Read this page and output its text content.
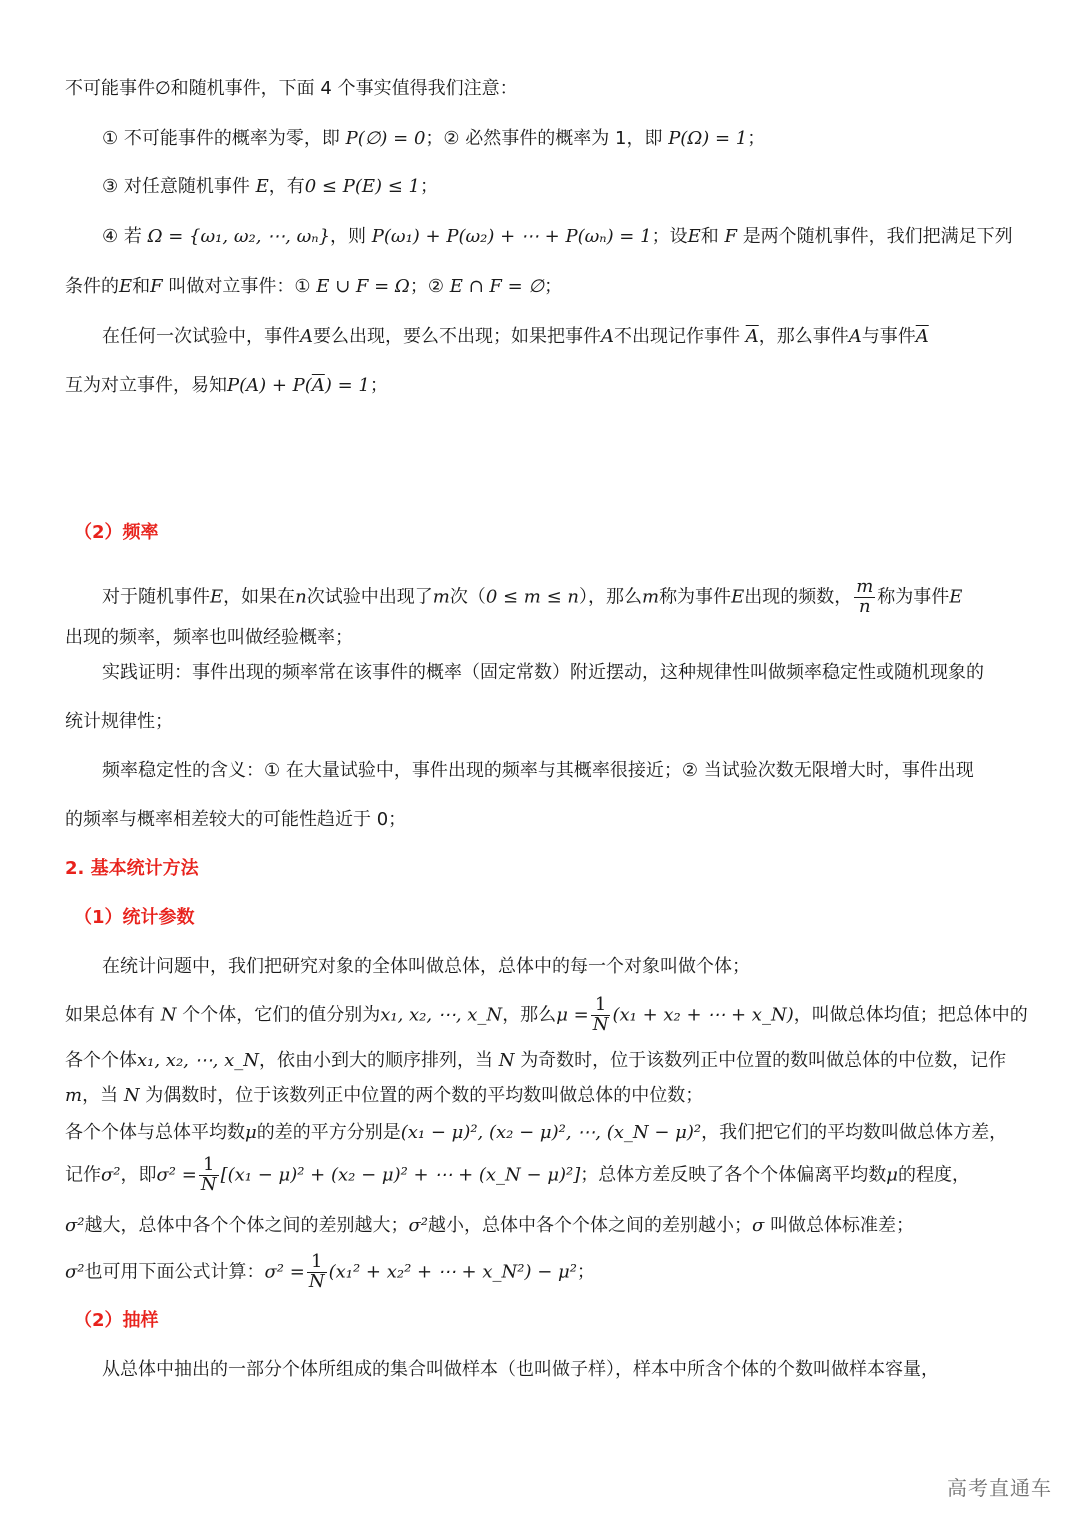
不可能事件∅和随机事件，下面 4 个事实值得我们注意：
① 不可能事件的概率为零，即 P(∅) = 0；② 必然事件的概率为 1，即 P(Ω) = 1；
③ 对任意随机事件 E，有0 ≤ P(E) ≤ 1；
④ 若 Ω = {ω₁, ω₂, ⋯, ωₙ}，则 P(ω₁) + P(ω₂) + ⋯ + P(ωₙ) = 1；设E和 F 是两个随机事件，我们把满足下列
条件的E和F 叫做对立事件：① E ∪ F = Ω；② E ∩ F = ∅；
在任何一次试验中，事件A要么出现，要么不出现；如果把事件A不出现记作事件 $\overline{A}$，那么事件A与事件$\overline{A}$
互为对立事件，易知$P(A) + P(\overline{A}) = 1$；
（2）频率
对于随机事件E，如果在n次试验中出现了m次（0 ≤ m ≤ n），那么m称为事件E出现的频数， $\frac{m}{n}$ 称为事件E
出现的频率，频率也叫做经验概率；
实践证明：事件出现的频率常在该事件的概率（固定常数）附近摆动，这种规律性叫做频率稳定性或随机现象的
统计规律性；
频率稳定性的含义：① 在大量试验中，事件出现的频率与其概率很接近；② 当试验次数无限增大时，事件出现
的频率与概率相差较大的可能性趋近于 0；
2. 基本统计方法
（1）统计参数
在统计问题中，我们把研究对象的全体叫做总体，总体中的每一个对象叫做个体；
如果总体有 N 个个体，它们的值分别为x₁, x₂, ⋯, x_N，那么$\mu = \frac{1}{N} (x_1 + x_2$ + ⋯ + x_N)，叫做总体均值；把总体中的
各个个体x₁, x₂, ⋯, x_N，依由小到大的顺序排列，当 N 为奇数时，位于该数列正中位置的数叫做总体的中位数，记作
m，当 N 为偶数时，位于该数列正中位置的两个数的平均数叫做总体的中位数；
各个个体与总体平均数μ的差的平方分别是(x₁ − μ)², (x₂ − μ)², ⋯, (x_N − μ)²，我们把它们的平均数叫做总体方差，
记作σ²，即$\sigma^2 = \frac{1}{N} [(x_1 - \mu)^2 + (x_2 - \mu)^2$ + ⋯ + (x_N − μ)²]；总体方差反映了各个个体偏离平均数μ的程度，
σ²越大，总体中各个个体之间的差别越大；σ²越小，总体中各个个体之间的差别越小；σ 叫做总体标准差；
σ²也可用下面公式计算：$\sigma^2 = \frac{1}{N} (x_1^2 + x_2^2$ + ⋯ + x_N²) − μ²；
（2）抽样
从总体中抽出的一部分个体所组成的集合叫做样本（也叫做子样），样本中所含个体的个数叫做样本容量，
高考直通车
